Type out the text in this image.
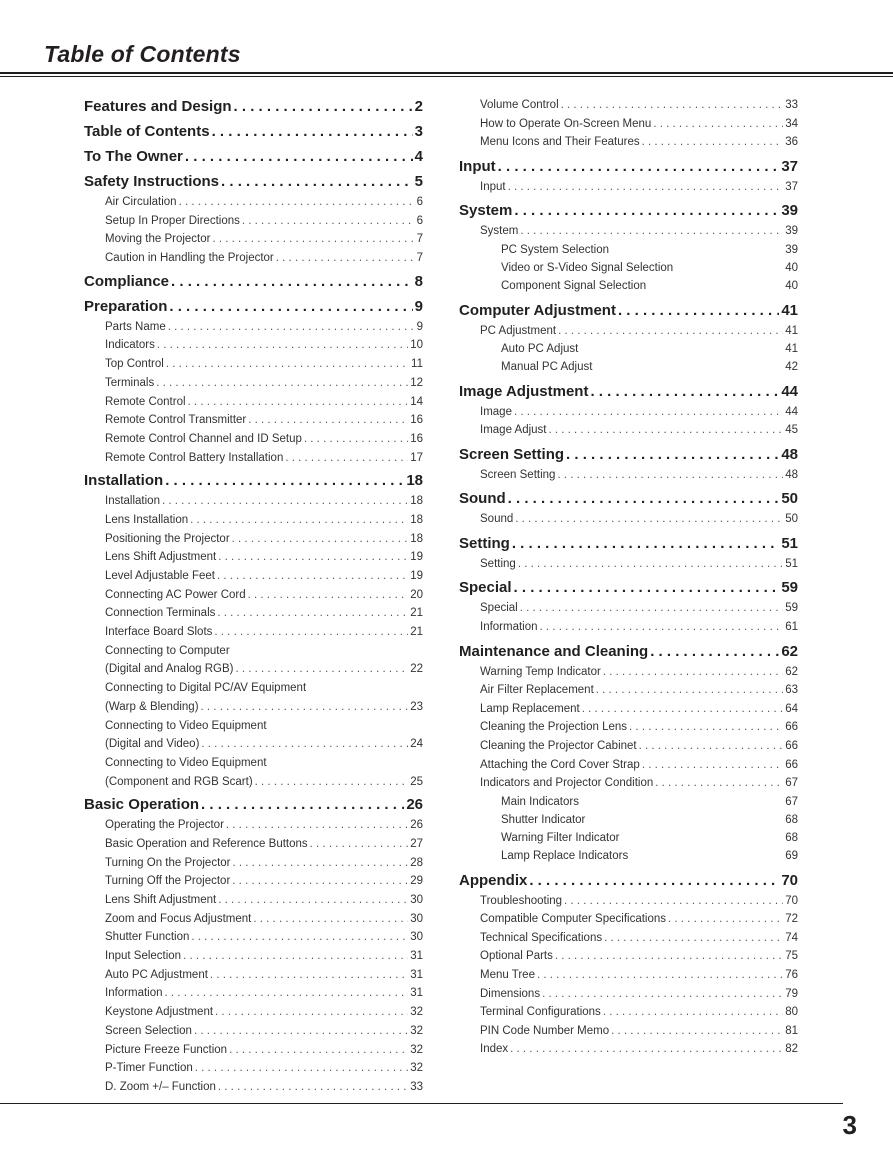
Table of Contents
Features and Design . . .	2
Table of Contents . . .	3
To The Owner . . .	4
Safety Instructions . . .	5
Air Circulation . . .	6
Setup In Proper Directions . . .	6
Moving the Projector . . .	7
Caution in Handling the Projector . . .	7
Compliance . . .	8
Preparation . . .	9
Parts Name . . .	9
Indicators . . .	10
Top Control . . .	11
Terminals . . .	12
Remote Control . . .	14
Remote Control Transmitter . . .	16
Remote Control Channel and ID Setup . . .	16
Remote Control Battery Installation . . .	17
Installation . . .	18
Installation . . .	18
Lens Installation . . .	18
Positioning the Projector . . .	18
Lens Shift Adjustment . . .	19
Level Adjustable Feet . . .	19
Connecting AC Power Cord . . .	20
Connection Terminals . . .	21
Interface Board Slots . . .	21
Connecting to Computer
(Digital and Analog RGB) . . .	22
Connecting to Digital PC/AV Equipment
(Warp & Blending) . . .	23
Connecting to Video Equipment
(Digital and Video) . . .	24
Connecting to Video Equipment
(Component and RGB Scart) . . .	25
Basic Operation . . .	26
Operating the Projector . . .	26
Basic Operation and Reference Buttons . . .	27
Turning On the Projector . . .	28
Turning Off the Projector . . .	29
Lens Shift Adjustment . . .	30
Zoom and Focus Adjustment . . .	30
Shutter Function . . .	30
Input Selection . . .	31
Auto PC Adjustment . . .	31
Information . . .	31
Keystone Adjustment . . .	32
Screen Selection . . .	32
Picture Freeze Function . . .	32
P-Timer Function . . .	32
D. Zoom +/– Function . . .	33
Volume Control . . .	33
How to Operate On-Screen Menu . . .	34
Menu Icons and Their Features . . .	36
Input . . .	37
Input . . .	37
System . . .	39
System . . .	39
PC System Selection	39
Video or S-Video Signal Selection	40
Component Signal Selection	40
Computer Adjustment . . .	41
PC Adjustment . . .	41
Auto PC Adjust	41
Manual PC Adjust	42
Image Adjustment . . .	44
Image . . .	44
Image Adjust . . .	45
Screen Setting . . .	48
Screen Setting . . .	48
Sound . . .	50
Sound . . .	50
Setting . . .	51
Setting . . .	51
Special . . .	59
Special . . .	59
Information . . .	61
Maintenance and Cleaning . . .	62
Warning Temp Indicator . . .	62
Air Filter Replacement . . .	63
Lamp Replacement . . .	64
Cleaning the Projection Lens . . .	66
Cleaning the Projector Cabinet . . .	66
Attaching the Cord Cover Strap . . .	66
Indicators and Projector Condition . . .	67
Main Indicators	67
Shutter Indicator	68
Warning Filter Indicator	68
Lamp Replace Indicators	69
Appendix . . .	70
Troubleshooting . . .	70
Compatible Computer Specifications . . .	72
Technical Specifications . . .	74
Optional Parts . . .	75
Menu Tree . . .	76
Dimensions . . .	79
Terminal Configurations . . .	80
PIN Code Number Memo . . .	81
Index . . .	82
3
